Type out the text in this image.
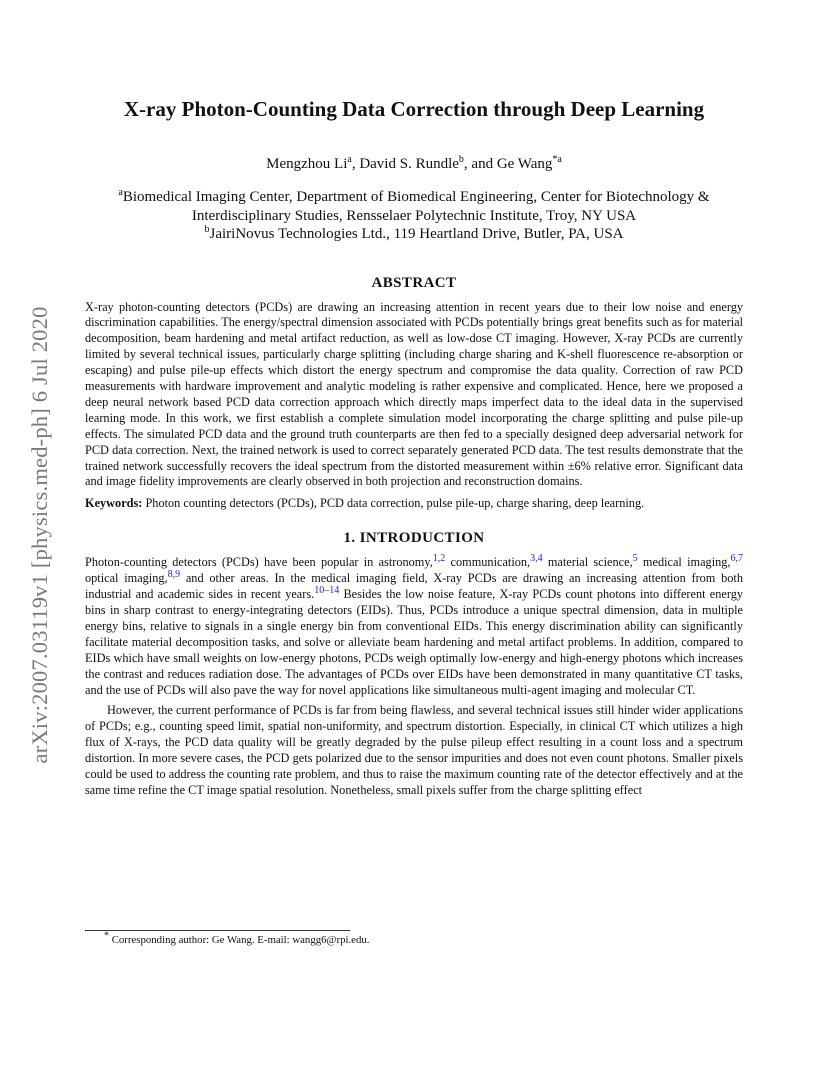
arXiv:2007.03119v1 [physics.med-ph] 6 Jul 2020
X-ray Photon-Counting Data Correction through Deep Learning
Mengzhou Li$^a$, David S. Rundle$^b$, and Ge Wang$^{*a}$
$^a$Biomedical Imaging Center, Department of Biomedical Engineering, Center for Biotechnology & Interdisciplinary Studies, Rensselaer Polytechnic Institute, Troy, NY USA
$^b$JairiNovus Technologies Ltd., 119 Heartland Drive, Butler, PA, USA
ABSTRACT

X-ray photon-counting detectors (PCDs) are drawing an increasing attention in recent years due to their low noise and energy discrimination capabilities. The energy/spectral dimension associated with PCDs potentially brings great benefits such as for material decomposition, beam hardening and metal artifact reduction, as well as low-dose CT imaging. However, X-ray PCDs are currently limited by several technical issues, particularly charge splitting (including charge sharing and K-shell fluorescence re-absorption or escaping) and pulse pile-up effects which distort the energy spectrum and compromise the data quality. Correction of raw PCD measurements with hardware improvement and analytic modeling is rather expensive and complicated. Hence, here we proposed a deep neural network based PCD data correction approach which directly maps imperfect data to the ideal data in the supervised learning mode. In this work, we first establish a complete simulation model incorporating the charge splitting and pulse pile-up effects. The simulated PCD data and the ground truth counterparts are then fed to a specially designed deep adversarial network for PCD data correction. Next, the trained network is used to correct separately generated PCD data. The test results demonstrate that the trained network successfully recovers the ideal spectrum from the distorted measurement within ±6% relative error. Significant data and image fidelity improvements are clearly observed in both projection and reconstruction domains.

Keywords: Photon counting detectors (PCDs), PCD data correction, pulse pile-up, charge sharing, deep learning.

1. INTRODUCTION

Photon-counting detectors (PCDs) have been popular in astronomy,$^{1,2}$ communication,$^{3,4}$ material science,$^5$ medical imaging,$^{6,7}$ optical imaging,$^{8,9}$ and other areas. In the medical imaging field, X-ray PCDs are drawing an increasing attention from both industrial and academic sides in recent years.$^{10-14}$ Besides the low noise feature, X-ray PCDs count photons into different energy bins in sharp contrast to energy-integrating detectors (EIDs). Thus, PCDs introduce a unique spectral dimension, data in multiple energy bins, relative to signals in a single energy bin from conventional EIDs. This energy discrimination ability can significantly facilitate material decomposition tasks, and solve or alleviate beam hardening and metal artifact problems. In addition, compared to EIDs which have small weights on low-energy photons, PCDs weigh optimally low-energy and high-energy photons which increases the contrast and reduces radiation dose. The advantages of PCDs over EIDs have been demonstrated in many quantitative CT tasks, and the use of PCDs will also pave the way for novel applications like simultaneous multi-agent imaging and molecular CT.

However, the current performance of PCDs is far from being flawless, and several technical issues still hinder wider applications of PCDs; e.g., counting speed limit, spatial non-uniformity, and spectrum distortion. Especially, in clinical CT which utilizes a high flux of X-rays, the PCD data quality will be greatly degraded by the pulse pileup effect resulting in a count loss and a spectrum distortion. In more severe cases, the PCD gets polarized due to the sensor impurities and does not even count photons. Smaller pixels could be used to address the counting rate problem, and thus to raise the maximum counting rate of the detector effectively and at the same time refine the CT image spatial resolution. Nonetheless, small pixels suffer from the charge splitting effect

* Corresponding author: Ge Wang. E-mail: wangg6@rpi.edu.
